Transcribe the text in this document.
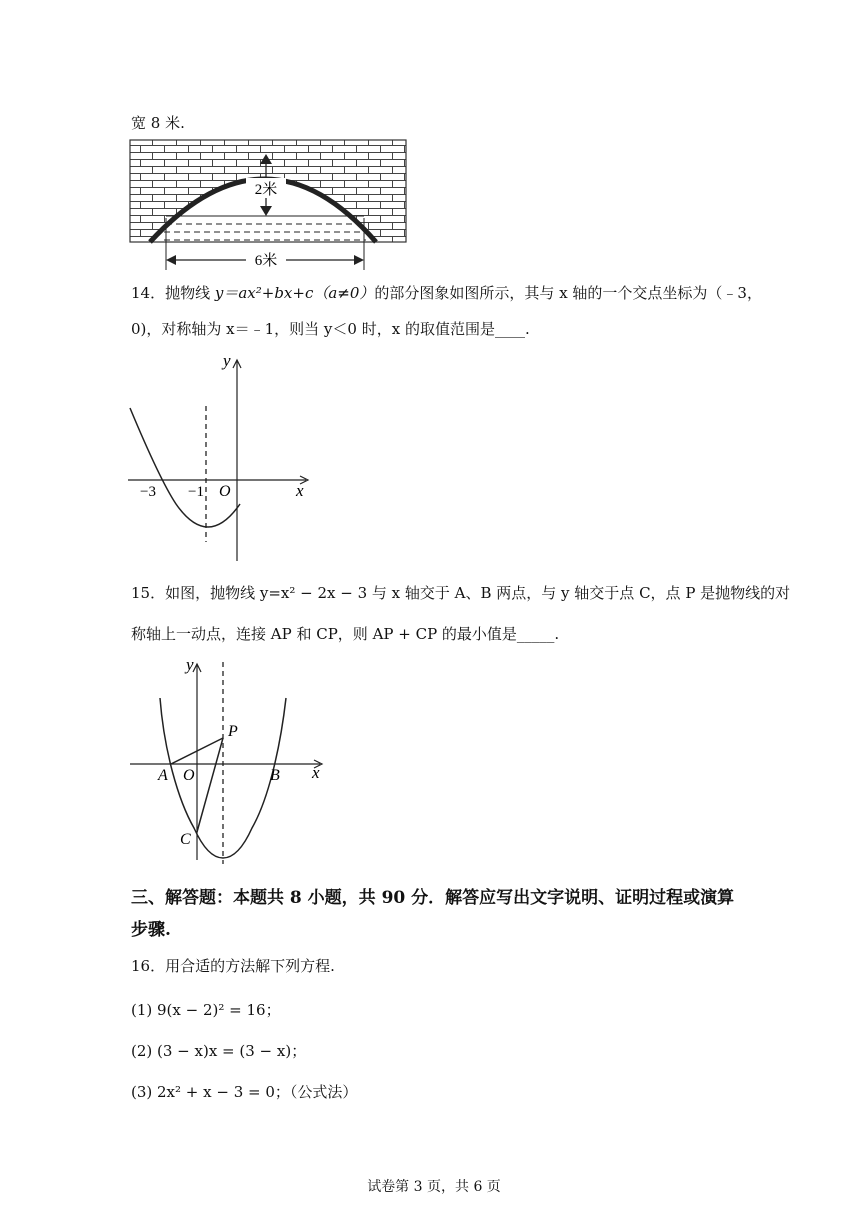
宽 8 米.
2米
6米
14．抛物线 y＝ax²+bx+c（a≠0）的部分图象如图所示，其与 x 轴的一个交点坐标为（﹣3，
0)，对称轴为 x＝﹣1，则当 y＜0 时，x 的取值范围是____.
y
x
O
−3 −1
15．如图，抛物线 y=x² − 2x − 3 与 x 轴交于 A、B 两点，与 y 轴交于点 C，点 P 是抛物线的对
称轴上一动点，连接 AP 和 CP，则 AP + CP 的最小值是_____.
y
x
O
A	B
C
P
三、解答题：本题共 8 小题，共 90 分．解答应写出文字说明、证明过程或演算
步骤.
16．用合适的方法解下列方程.
(1) 9(x − 2)² = 16；
(2) (3 − x)x = (3 − x)；
(3) 2x² + x − 3 = 0；（公式法）
试卷第 3 页，共 6 页
